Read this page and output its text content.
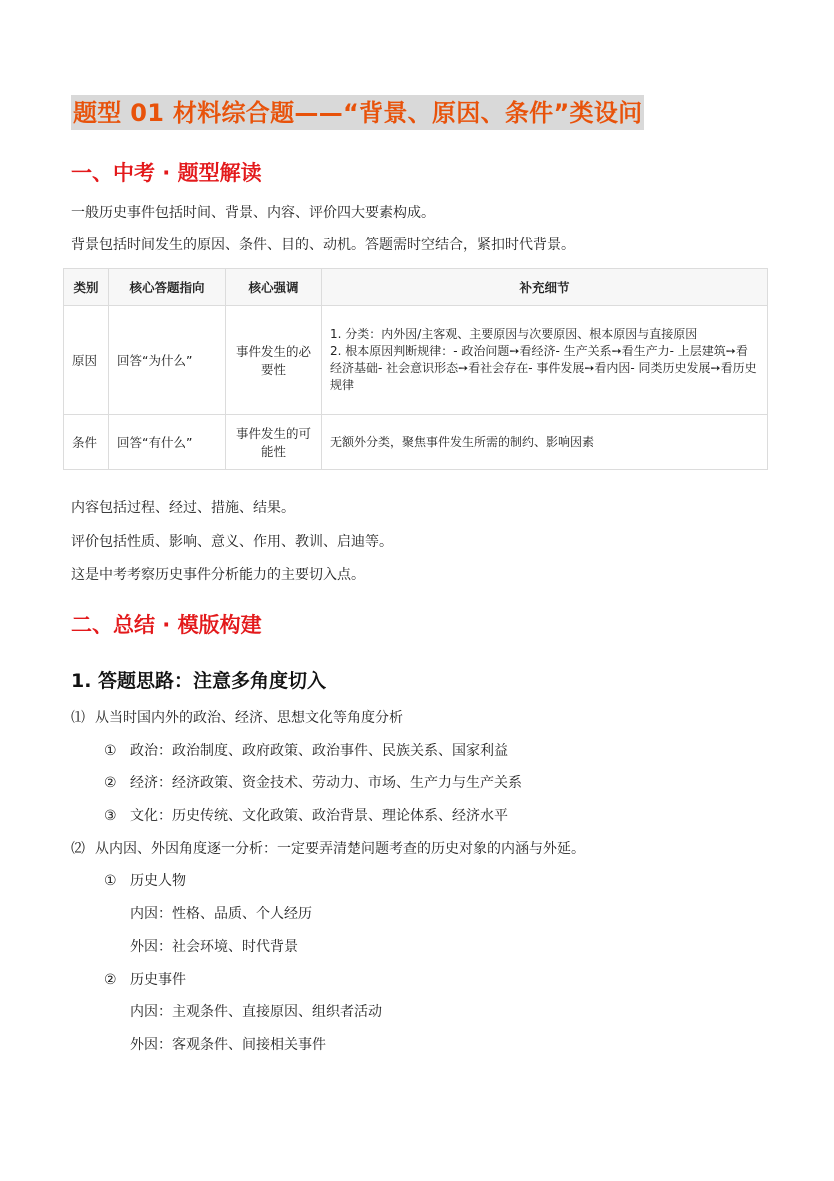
题型 01 材料综合题——“背景、原因、条件”类设问
一、中考 · 题型解读

一般历史事件包括时间、背景、内容、评价四大要素构成。

背景包括时间发生的原因、条件、目的、动机。答题需时空结合，紧扣时代背景。

类别	核心答题指向	核心强调	补充细节
原因	回答“为什么”	事件发生的必要性	1. 分类：内外因/主客观、主要原因与次要原因、根本原因与直接原因
2. 根本原因判断规律：- 政治问题➙看经济- 生产关系➙看生产力- 上层建筑➙看经济基础- 社会意识形态➙看社会存在- 事件发展➙看内因- 同类历史发展➙看历史规律

条件	回答“有什么”	事件发生的可能性	无额外分类，聚焦事件发生所需的制约、影响因素

内容包括过程、经过、措施、结果。

评价包括性质、影响、意义、作用、教训、启迪等。

这是中考考察历史事件分析能力的主要切入点。

二、总结 · 模版构建
1. 答题思路：注意多角度切入

⑴ 从当时国内外的政治、经济、思想文化等角度分析

① 政治：政治制度、政府政策、政治事件、民族关系、国家利益

② 经济：经济政策、资金技术、劳动力、市场、生产力与生产关系

③ 文化：历史传统、文化政策、政治背景、理论体系、经济水平

⑵ 从内因、外因角度逐一分析：一定要弄清楚问题考查的历史对象的内涵与外延。

① 历史人物

内因：性格、品质、个人经历

外因：社会环境、时代背景

② 历史事件

内因：主观条件、直接原因、组织者活动

外因：客观条件、间接相关事件
